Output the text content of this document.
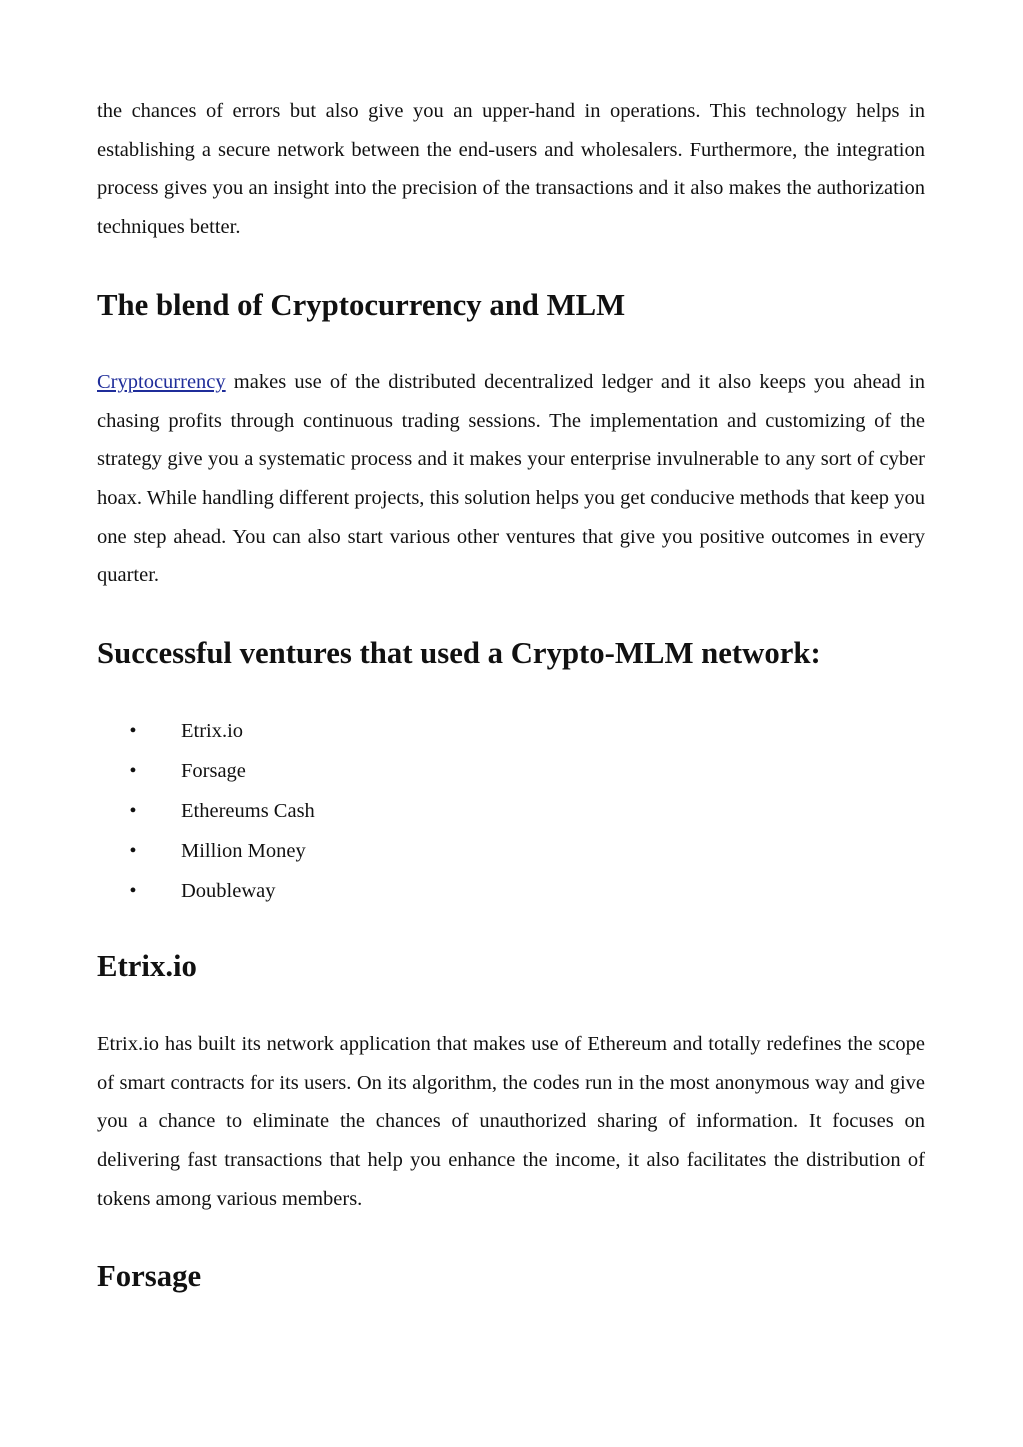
the chances of errors but also give you an upper-hand in operations. This technology helps in establishing a secure network between the end-users and wholesalers. Furthermore, the integration process gives you an insight into the precision of the transactions and it also makes the authorization techniques better.

The blend of Cryptocurrency and MLM

Cryptocurrency makes use of the distributed decentralized ledger and it also keeps you ahead in chasing profits through continuous trading sessions. The implementation and customizing of the strategy give you a systematic process and it makes your enterprise invulnerable to any sort of cyber hoax. While handling different projects, this solution helps you get conducive methods that keep you one step ahead. You can also start various other ventures that give you positive outcomes in every quarter.

Successful ventures that used a Crypto-MLM network:
• Etrix.io
• Forsage
• Ethereums Cash
• Million Money
• Doubleway
Etrix.io

Etrix.io has built its network application that makes use of Ethereum and totally redefines the scope of smart contracts for its users. On its algorithm, the codes run in the most anonymous way and give you a chance to eliminate the chances of unauthorized sharing of information. It focuses on delivering fast transactions that help you enhance the income, it also facilitates the distribution of tokens among various members.

Forsage
